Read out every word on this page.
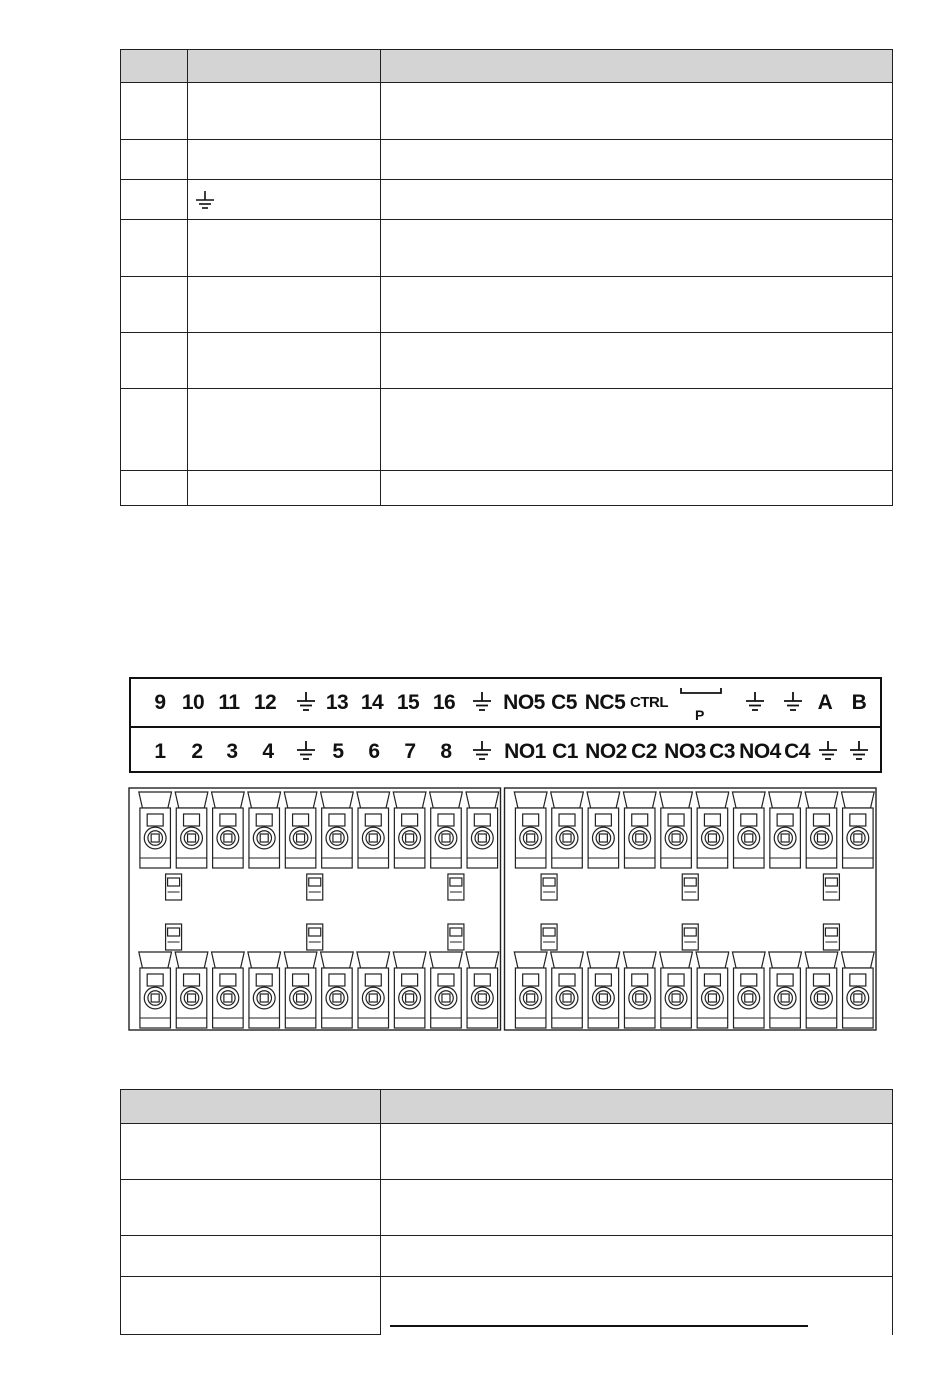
9 10 11 12 13 14 15 16 NO5 C5 NC5 CTRL
P
A B
1 2 3 4	5 6 7 8	NO1 C1 NO2 C2 NO3 C3 NO4 C4
